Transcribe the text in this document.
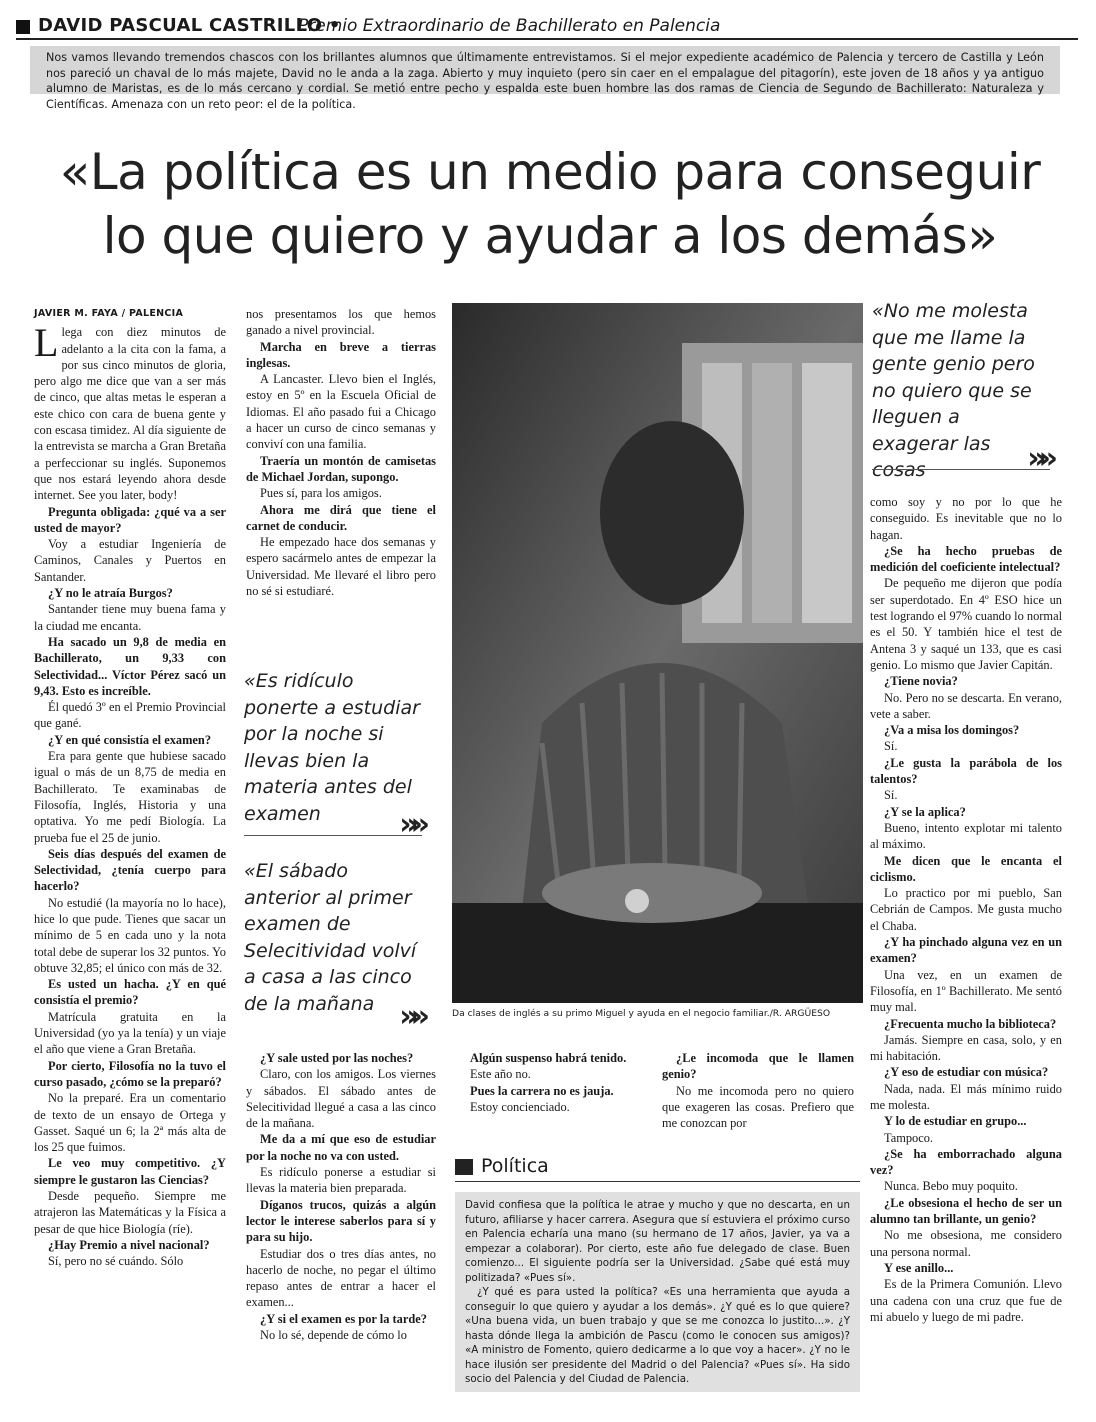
DAVID PASCUAL CASTRILLO •
Premio Extraordinario de Bachillerato en Palencia
Nos vamos llevando tremendos chascos con los brillantes alumnos que últimamente entrevistamos. Si el mejor expediente académico de Palencia y tercero de Castilla y León nos pareció un chaval de lo más majete, David no le anda a la zaga. Abierto y muy inquieto (pero sin caer en el empalague del pitagorín), este joven de 18 años y ya antiguo alumno de Maristas, es de lo más cercano y cordial. Se metió entre pecho y espalda este buen hombre las dos ramas de Ciencia de Segundo de Bachillerato: Naturaleza y Científicas. Amenaza con un reto peor: el de la política.
«La política es un medio para conseguir
lo que quiero y ayudar a los demás»
JAVIER M. FAYA / PALENCIA

Llega con diez minutos de adelanto a la cita con la fama, a por sus cinco minutos de gloria, pero algo me dice que van a ser más de cinco, que altas metas le esperan a este chico con cara de buena gente y con escasa timidez. Al día siguiente de la entrevista se marcha a Gran Bretaña a perfeccionar su inglés. Suponemos que nos estará leyendo ahora desde internet. See you later, body!

Pregunta obligada: ¿qué va a ser usted de mayor?

Voy a estudiar Ingeniería de Caminos, Canales y Puertos en Santander.

¿Y no le atraía Burgos?

Santander tiene muy buena fama y la ciudad me encanta.

Ha sacado un 9,8 de media en Bachillerato, un 9,33 con Selectividad... Víctor Pérez sacó un 9,43. Esto es increíble.

Él quedó 3º en el Premio Provincial que gané.

¿Y en qué consistía el examen?

Era para gente que hubiese sacado igual o más de un 8,75 de media en Bachillerato. Te examinabas de Filosofía, Inglés, Historia y una optativa. Yo me pedí Biología. La prueba fue el 25 de junio.

Seis días después del examen de Selectividad, ¿tenía cuerpo para hacerlo?

No estudié (la mayoría no lo hace), hice lo que pude. Tienes que sacar un mínimo de 5 en cada uno y la nota total debe de superar los 32 puntos. Yo obtuve 32,85; el único con más de 32.

Es usted un hacha. ¿Y en qué consistía el premio?

Matrícula gratuita en la Universidad (yo ya la tenía) y un viaje el año que viene a Gran Bretaña.

Por cierto, Filosofía no la tuvo el curso pasado, ¿cómo se la preparó?

No la preparé. Era un comentario de texto de un ensayo de Ortega y Gasset. Saqué un 6; la 2ª más alta de los 25 que fuimos.

Le veo muy competitivo. ¿Y siempre le gustaron las Ciencias?

Desde pequeño. Siempre me atrajeron las Matemáticas y la Física a pesar de que hice Biología (ríe).

¿Hay Premio a nivel nacional?

Sí, pero no sé cuándo. Sólo

nos presentamos los que hemos ganado a nivel provincial.

Marcha en breve a tierras inglesas.

A Lancaster. Llevo bien el Inglés, estoy en 5º en la Escuela Oficial de Idiomas. El año pasado fui a Chicago a hacer un curso de cinco semanas y conviví con una familia.

Traería un montón de camisetas de Michael Jordan, supongo.

Pues sí, para los amigos.

Ahora me dirá que tiene el carnet de conducir.

He empezado hace dos semanas y espero sacármelo antes de empezar la Universidad. Me llevaré el libro pero no sé si estudiaré.

«Es ridículo ponerte a estudiar por la noche si llevas bien la materia antes del examen	»»
«El sábado anterior al primer examen de Selecitividad volví a casa a las cinco de la mañana »»
«No me molesta que me llame la gente genio pero no quiero que se lleguen a exagerar las cosas	»»
Da clases de inglés a su primo Miguel y ayuda en el negocio familiar./R. ARGÜESO

¿Y sale usted por las noches?

Claro, con los amigos. Los viernes y sábados. El sábado antes de Selecitividad llegué a casa a las cinco de la mañana.

Me da a mí que eso de estudiar por la noche no va con usted.

Es ridículo ponerse a estudiar si llevas la materia bien preparada.

Díganos trucos, quizás a algún lector le interese saberlos para sí y para su hijo.

Estudiar dos o tres días antes, no hacerlo de noche, no pegar el último repaso antes de entrar a hacer el examen...

¿Y si el examen es por la tarde?

No lo sé, depende de cómo lo

Algún suspenso habrá tenido.

Este año no.

Pues la carrera no es jauja.

Estoy concienciado.

¿Le incomoda que le llamen genio?

No me incomoda pero no quiero que exageren las cosas. Prefiero que me conozcan por

Política

David confiesa que la política le atrae y mucho y que no descarta, en un futuro, afiliarse y hacer carrera. Asegura que sí estuviera el próximo curso en Palencia echaría una mano (su hermano de 17 años, Javier, ya va a empezar a colaborar). Por cierto, este año fue delegado de clase. Buen comienzo... El siguiente podría ser la Universidad. ¿Sabe qué está muy politizada? «Pues sí».

¿Y qué es para usted la política? «Es una herramienta que ayuda a conseguir lo que quiero y ayudar a los demás». ¿Y qué es lo que quiere? «Una buena vida, un buen trabajo y que se me conozca lo justito...». ¿Y hasta dónde llega la ambición de Pascu (como le conocen sus amigos)? «A ministro de Fomento, quiero dedicarme a lo que voy a hacer». ¿Y no le hace ilusión ser presidente del Madrid o del Palencia? «Pues sí». Ha sido socio del Palencia y del Ciudad de Palencia.

como soy y no por lo que he conseguido. Es inevitable que no lo hagan.

¿Se ha hecho pruebas de medición del coeficiente intelectual?

De pequeño me dijeron que podía ser superdotado. En 4º ESO hice un test logrando el 97% cuando lo normal es el 50. Y también hice el test de Antena 3 y saqué un 133, que es casi genio. Lo mismo que Javier Capitán.

¿Tiene novia?

No. Pero no se descarta. En verano, vete a saber.

¿Va a misa los domingos?

Sí.

¿Le gusta la parábola de los talentos?

Sí.

¿Y se la aplica?

Bueno, intento explotar mi talento al máximo.

Me dicen que le encanta el ciclismo.

Lo practico por mi pueblo, San Cebrián de Campos. Me gusta mucho el Chaba.

¿Y ha pinchado alguna vez en un examen?

Una vez, en un examen de Filosofía, en 1º Bachillerato. Me sentó muy mal.

¿Frecuenta mucho la biblioteca?

Jamás. Siempre en casa, solo, y en mi habitación.

¿Y eso de estudiar con música?

Nada, nada. El más mínimo ruido me molesta.

Y lo de estudiar en grupo...

Tampoco.

¿Se ha emborrachado alguna vez?

Nunca. Bebo muy poquito.

¿Le obsesiona el hecho de ser un alumno tan brillante, un genio?

No me obsesiona, me considero una persona normal.

Y ese anillo...

Es de la Primera Comunión. Llevo una cadena con una cruz que fue de mi abuelo y luego de mi padre.
